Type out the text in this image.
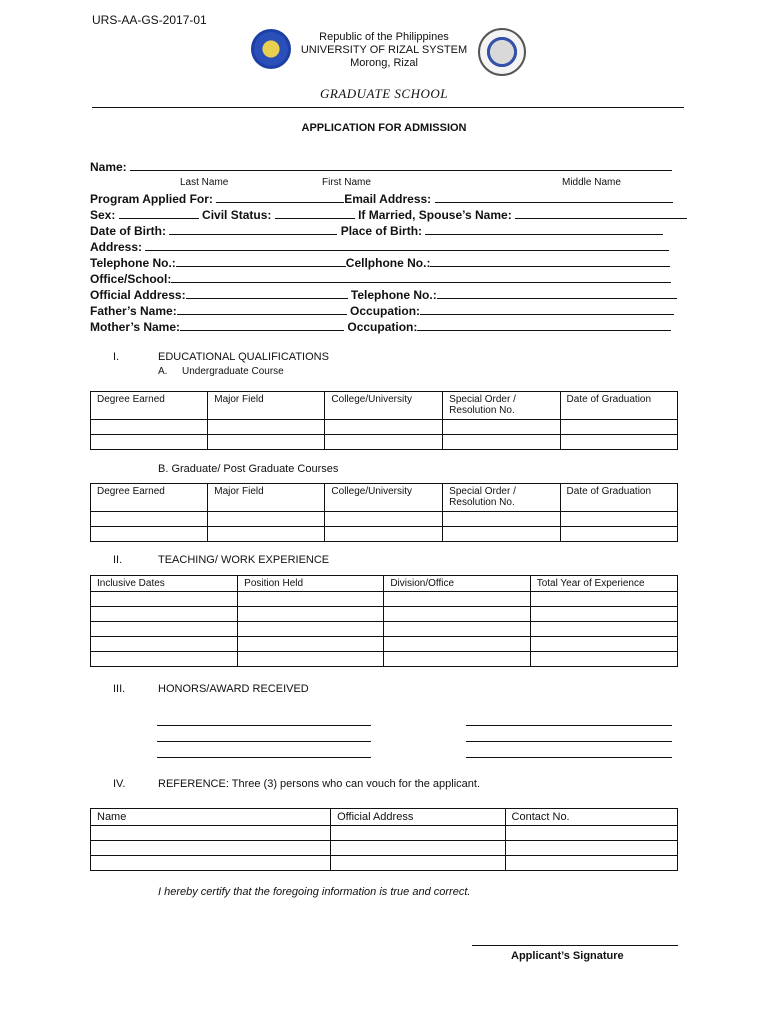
URS-AA-GS-2017-01
Republic of the Philippines
UNIVERSITY OF RIZAL SYSTEM
Morong, Rizal
GRADUATE SCHOOL
APPLICATION FOR ADMISSION
Name:
Last Name	First Name	Middle Name
Program Applied For:	Email Address:
Sex:	Civil Status:	If Married, Spouse’s Name:
Date of Birth:	Place of Birth:
Address:
Telephone No.:	Cellphone No.:
Office/School:
Official Address:	Telephone No.:
Father’s Name:	Occupation:
Mother’s Name:	Occupation:
I.	EDUCATIONAL QUALIFICATIONS
A. Undergraduate Course
Degree Earned	Major Field	College/University	Special Order / Resolution No.	Date of Graduation

B. Graduate/ Post Graduate Courses
Degree Earned	Major Field	College/University	Special Order / Resolution No.	Date of Graduation

II.	TEACHING/ WORK EXPERIENCE
Inclusive Dates	Position Held	Division/Office	Total Year of Experience

III.	HONORS/AWARD RECEIVED
IV.	REFERENCE: Three (3) persons who can vouch for the applicant.
Name	Official Address	Contact No.

I hereby certify that the foregoing information is true and correct.
Applicant’s Signature
